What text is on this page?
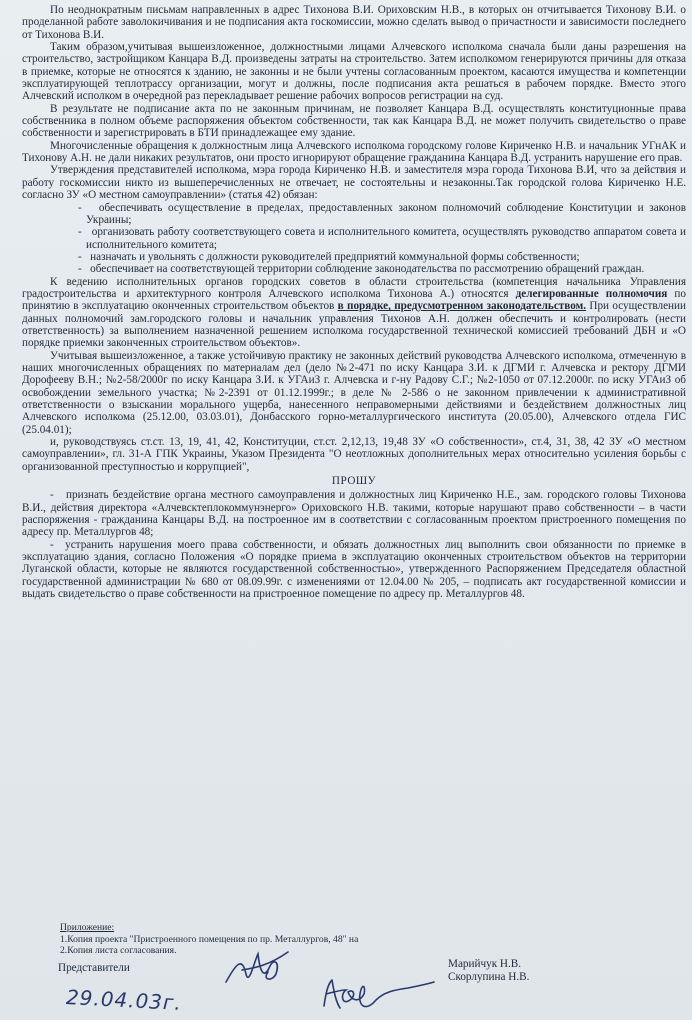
По неоднократным письмам направленных в адрес Тихонова В.И. Ориховским Н.В., в которых он отчитывается Тихонову В.И. о проделанной работе заволокичивания и не подписания акта госкомиссии, можно сделать вывод о причастности и зависимости последнего от Тихонова В.И.

Таким образом,учитывая вышеизложенное, должностными лицами Алчевского исполкома сначала были даны разрешения на строительство, застройщиком Канцара В.Д. произведены затраты на строительство. Затем исполкомом генерируются причины для отказа в приемке, которые не относятся к зданию, не законны и не были учтены согласованным проектом, касаются имущества и компетенции эксплуатирующей теплотрассу организации, могут и должны, после подписания акта решаться в рабочем порядке. Вместо этого Алчевский исполком в очередной раз перекладывает решение рабочих вопросов регистрации на суд.

В результате не подписание акта по не законным причинам, не позволяет Канцара В.Д. осуществлять конституционные права собственника в полном объеме распоряжения объектом собственности, так как Канцара В.Д. не может получить свидетельство о праве собственности и зарегистрировать в БТИ принадлежащее ему здание.

Многочисленные обращения к должностным лица Алчевского исполкома городскому голове Кириченко Н.В. и начальник УГнАК и Тихонову А.Н. не дали никаких результатов, они просто игнорируют обращение гражданина Канцара В.Д. устранить нарушение его прав.

Утверждения представителей исполкома, мэра города Кириченко Н.В. и заместителя мэра города Тихонова В.И, что за действия и работу госкомиссии никто из вышеперечисленных не отвечает, не состоятельны и незаконны.Так городской голова Кириченко Н.Е. согласно ЗУ «О местном самоуправлении» (статья 42) обязан:

-   обеспечивать осуществление в пределах, предоставленных законом полномочий соблюдение Конституции и законов Украины;

-   организовать работу соответствующего совета и исполнительного комитета, осуществлять руководство аппаратом совета и исполнительного комитета;

-   назначать и увольнять с должности руководителей предприятий коммунальной формы собственности;

-   обеспечивает на соответствующей территории соблюдение законодательства по рассмотрению обращений граждан.

К ведению исполнительных органов городских советов в области строительства (компетенция начальника Управления градостроительства и архитектурного контроля Алчевского исполкома Тихонова А.) относятся делегированные полномочия по принятию в эксплуатацию оконченных строительством объектов в порядке, предусмотренном законодательством. При осуществлении данных полномочий зам.городского головы и начальник управления Тихонов А.Н. должен обеспечить и контролировать (нести ответственность) за выполнением назначенной решением исполкома государственной технической комиссией требований ДБН и «О порядке приемки законченных строительством объектов».

Учитывая вышеизложенное, а также устойчивую практику не законных действий руководства Алчевского исполкома, отмеченную в наших многочисленных обращениях по материалам дел (дело №2-471 по иску Канцара З.И. к ДГМИ г. Алчевска и ректору ДГМИ Дорофееву В.Н.; №2-58/2000г по иску Канцара З.И. к УГАиЗ г. Алчевска и г-ну Радову С.Г.; №2-1050 от 07.12.2000г. по иску УГАиЗ об освобождении земельного участка; №2-2391 от 01.12.1999г.; в деле № 2-586 о не законном привлечении к административной ответственности о взыскании морального ущерба, нанесенного неправомерными действиями и бездействием должностных лиц Алчевского исполкома (25.12.00, 03.03.01), Донбасского горно-металлургического института (20.05.00), Алчевского отдела ГИС (25.04.01);

и, руководствуясь ст.ст. 13, 19, 41, 42, Конституции, ст.ст. 2,12,13, 19,48 ЗУ «О собственности», ст.4, 31, 38, 42 ЗУ «О местном самоуправлении», гл. 31-А ГПК Украины, Указом Президента "О неотложных дополнительных мерах относительно усиления борьбы с организованной преступностью и коррупцией",

ПРОШУ

-   признать бездействие органа местного самоуправления и должностных лиц Кириченко Н.Е., зам. городского головы Тихонова В.И., действия директора «Алчевсктеплокоммунэнерго» Ориховского Н.В. такими, которые нарушают право собственности – в части распоряжения - гражданина Канцары В.Д. на построенное им в соответствии с согласованным проектом пристроенного помещения по адресу пр. Металлургов 48;

-  устранить нарушения моего права собственности, и обязать должностных лиц выполнить свои обязанности по приемке в эксплуатацию здания, согласно Положения «О порядке приема в эксплуатацию оконченных строительством объектов на территории Луганской области, которые не являются государственной собственностью», утвержденного Распоряжением Председателя областной государственной администрации № 680 от 08.09.99г. с изменениями от 12.04.00 № 205, – подписать акт государственной комиссии и выдать свидетельство о праве собственности на пристроенное помещение по адресу пр. Металлургов 48.

Приложение:
1.Копия проекта "Пристроенного помещения по пр. Металлургов, 48" на
2.Копия листа согласования.
Представители	Марийчук Н.В.
Скорлупина Н.В.
29.04.03г.
